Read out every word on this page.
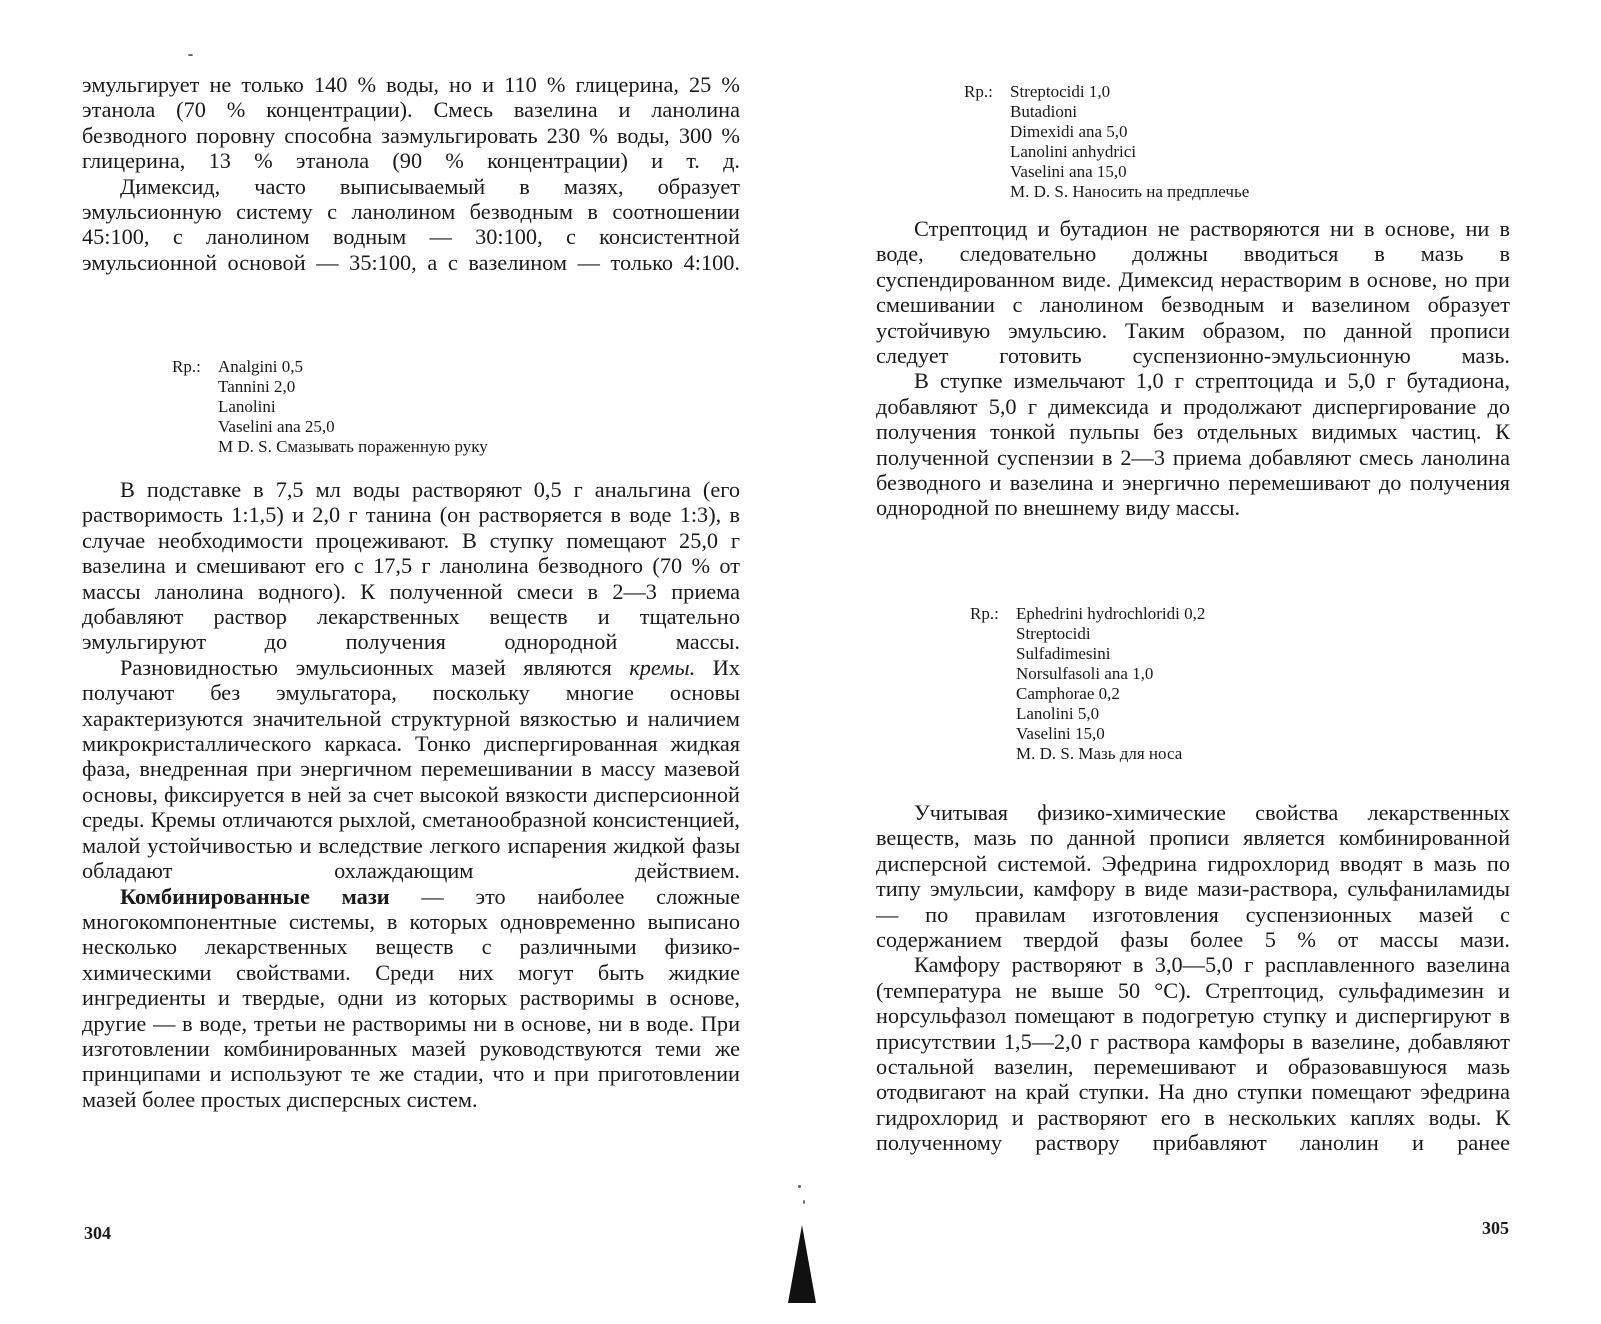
эмульгирует не только 140 % воды, но и 110 % глицерина, 25 % этанола (70 % концентрации). Смесь вазелина и ланолина безводного поровну способна заэмульгировать 230 % воды, 300 % глицерина, 13 % этанола (90 % концентрации) и т. д.

Димексид, часто выписываемый в мазях, образует эмульсионную систему с ланолином безводным в соотношении 45:100, с ланолином водным — 30:100, с консистентной эмульсионной основой — 35:100, а с вазелином — только 4:100.

Rp.:	Analgini 0,5
Tannini 2,0
Lanolini
Vaselini ana 25,0
M D. S. Смазывать пораженную руку

В подставке в 7,5 мл воды растворяют 0,5 г анальгина (его растворимость 1:1,5) и 2,0 г танина (он растворяется в воде 1:3), в случае необходимости процеживают. В ступку помещают 25,0 г вазелина и смешивают его с 17,5 г ланолина безводного (70 % от массы ланолина водного). К полученной смеси в 2—3 приема добавляют раствор лекарственных веществ и тщательно эмульгируют до получения однородной массы.

Разновидностью эмульсионных мазей являются кремы. Их получают без эмульгатора, поскольку многие основы характеризуются значительной структурной вязкостью и наличием микрокристаллического каркаса. Тонко диспергированная жидкая фаза, внедренная при энергичном перемешивании в массу мазевой основы, фиксируется в ней за счет высокой вязкости дисперсионной среды. Кремы отличаются рыхлой, сметанообразной консистенцией, малой устойчивостью и вследствие легкого испарения жидкой фазы обладают охлаждающим действием.

Комбинированные мази — это наиболее сложные многокомпонентные системы, в которых одновременно выписано несколько лекарственных веществ с различными физико-химическими свойствами. Среди них могут быть жидкие ингредиенты и твердые, одни из которых растворимы в основе, другие — в воде, третьи не растворимы ни в основе, ни в воде. При изготовлении комбинированных мазей руководствуются теми же принципами и используют те же стадии, что и при приготовлении мазей более простых дисперсных систем.

304
Rp.:	Streptocidi 1,0
Butadioni
Dimexidi ana 5,0
Lanolini anhydrici
Vaselini ana 15,0
M. D. S. Наносить на предплечье

Стрептоцид и бутадион не растворяются ни в основе, ни в воде, следовательно должны вводиться в мазь в суспендированном виде. Димексид нерастворим в основе, но при смешивании с ланолином безводным и вазелином образует устойчивую эмульсию. Таким образом, по данной прописи следует готовить суспензионно-эмульсионную мазь.

В ступке измельчают 1,0 г стрептоцида и 5,0 г бутадиона, добавляют 5,0 г димексида и продолжают диспергирование до получения тонкой пульпы без отдельных видимых частиц. К полученной суспензии в 2—3 приема добавляют смесь ланолина безводного и вазелина и энергично перемешивают до получения однородной по внешнему виду массы.

Rp.:	Ephedrini hydrochloridi 0,2
Streptocidi
Sulfadimesini
Norsulfasoli ana 1,0
Camphorae 0,2
Lanolini 5,0
Vaselini 15,0
M. D. S. Мазь для носа

Учитывая физико-химические свойства лекарственных веществ, мазь по данной прописи является комбинированной дисперсной системой. Эфедрина гидрохлорид вводят в мазь по типу эмульсии, камфору в виде мази-раствора, сульфаниламиды — по правилам изготовления суспензионных мазей с содержанием твердой фазы более 5 % от массы мази.

Камфору растворяют в 3,0—5,0 г расплавленного вазелина (температура не выше 50 °C). Стрептоцид, сульфадимезин и норсульфазол помещают в подогретую ступку и диспергируют в присутствии 1,5—2,0 г раствора камфоры в вазелине, добавляют остальной вазелин, перемешивают и образовавшуюся мазь отодвигают на край ступки. На дно ступки помещают эфедрина гидрохлорид и растворяют его в нескольких каплях воды. К полученному раствору прибавляют ланолин и ранее

305
